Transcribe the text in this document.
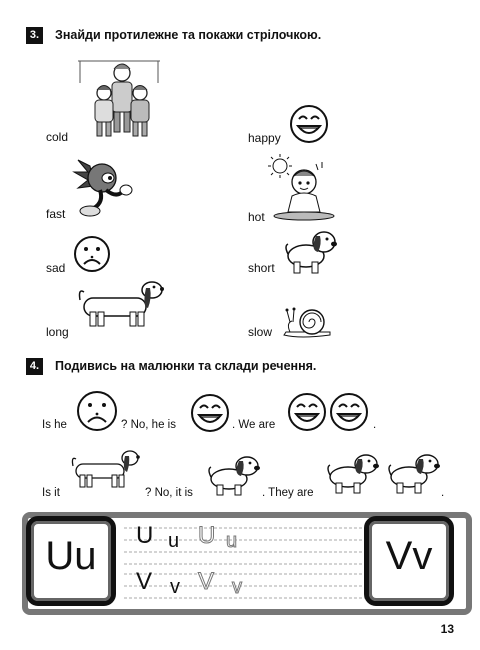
3.	Знайди протилежне та покажи стрілочкою.
cold
fast
sad
long
happy
hot
short
slow
4.	Подивись на малюнки та склади речення.
Is he	? No, he is	. We are	.
Is it	? No, it is	. They are	.
U u U u
V v V v
Uu	Vv
13
